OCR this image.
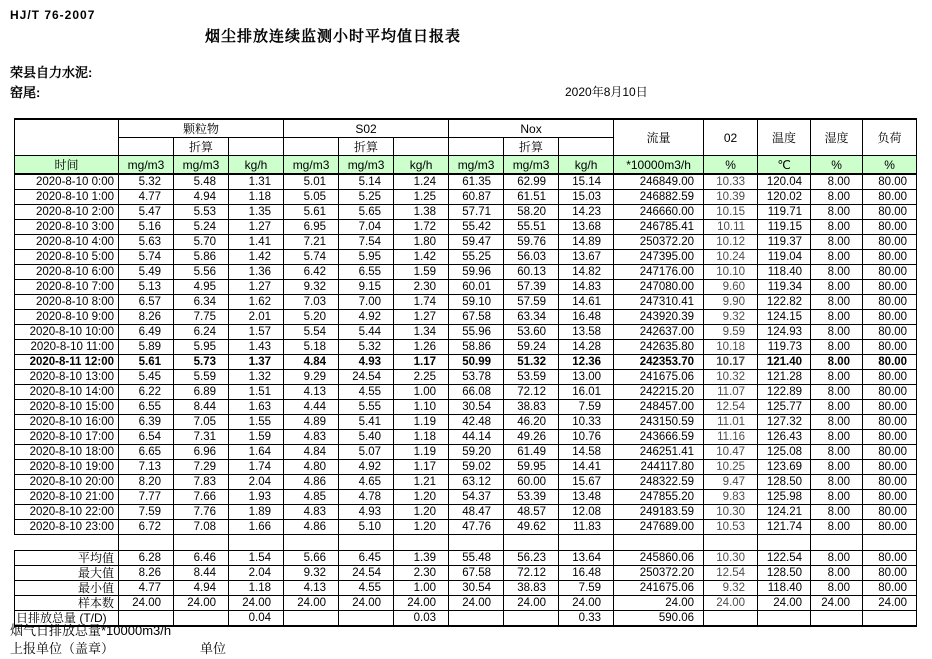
HJ/T 76-2007
烟尘排放连续监测小时平均值日报表
荣县自力水泥:
窑尾:	2020年8月10日
	颗粒物			S02			Nox			流量	02	温度	湿度	负荷
		折算			折算			折算						
时间	mg/m3	mg/m3	kg/h	mg/m3	mg/m3	kg/h	mg/m3	mg/m3	kg/h	*10000m3/h	%	℃	%	%
2020-8-10 0:00	5.32	5.48	1.31	5.01	5.14	1.24	61.35	62.99	15.14	246849.00	10.33	120.04	8.00	80.00
2020-8-10 1:00	4.77	4.94	1.18	5.05	5.25	1.25	60.87	61.51	15.03	246882.59	10.39	120.02	8.00	80.00
2020-8-10 2:00	5.47	5.53	1.35	5.61	5.65	1.38	57.71	58.20	14.23	246660.00	10.15	119.71	8.00	80.00
2020-8-10 3:00	5.16	5.24	1.27	6.95	7.04	1.72	55.42	55.51	13.68	246785.41	10.11	119.15	8.00	80.00
2020-8-10 4:00	5.63	5.70	1.41	7.21	7.54	1.80	59.47	59.76	14.89	250372.20	10.12	119.37	8.00	80.00
2020-8-10 5:00	5.74	5.86	1.42	5.74	5.95	1.42	55.25	56.03	13.67	247395.00	10.24	119.04	8.00	80.00
2020-8-10 6:00	5.49	5.56	1.36	6.42	6.55	1.59	59.96	60.13	14.82	247176.00	10.10	118.40	8.00	80.00
2020-8-10 7:00	5.13	4.95	1.27	9.32	9.15	2.30	60.01	57.39	14.83	247080.00	9.60	119.34	8.00	80.00
2020-8-10 8:00	6.57	6.34	1.62	7.03	7.00	1.74	59.10	57.59	14.61	247310.41	9.90	122.82	8.00	80.00
2020-8-10 9:00	8.26	7.75	2.01	5.20	4.92	1.27	67.58	63.34	16.48	243920.39	9.32	124.15	8.00	80.00
2020-8-10 10:00	6.49	6.24	1.57	5.54	5.44	1.34	55.96	53.60	13.58	242637.00	9.59	124.93	8.00	80.00
2020-8-10 11:00	5.89	5.95	1.43	5.18	5.32	1.26	58.86	59.24	14.28	242635.80	10.18	119.73	8.00	80.00
2020-8-11 12:00	5.61	5.73	1.37	4.84	4.93	1.17	50.99	51.32	12.36	242353.70	10.17	121.40	8.00	80.00
2020-8-10 13:00	5.45	5.59	1.32	9.29	24.54	2.25	53.78	53.59	13.00	241675.06	10.32	121.28	8.00	80.00
2020-8-10 14:00	6.22	6.89	1.51	4.13	4.55	1.00	66.08	72.12	16.01	242215.20	11.07	122.89	8.00	80.00
2020-8-10 15:00	6.55	8.44	1.63	4.44	5.55	1.10	30.54	38.83	7.59	248457.00	12.54	125.77	8.00	80.00
2020-8-10 16:00	6.39	7.05	1.55	4.89	5.41	1.19	42.48	46.20	10.33	243150.59	11.01	127.32	8.00	80.00
2020-8-10 17:00	6.54	7.31	1.59	4.83	5.40	1.18	44.14	49.26	10.76	243666.59	11.16	126.43	8.00	80.00
2020-8-10 18:00	6.65	6.96	1.64	4.84	5.07	1.19	59.20	61.49	14.58	246251.41	10.47	125.08	8.00	80.00
2020-8-10 19:00	7.13	7.29	1.74	4.80	4.92	1.17	59.02	59.95	14.41	244117.80	10.25	123.69	8.00	80.00
2020-8-10 20:00	8.20	7.83	2.04	4.86	4.65	1.21	63.12	60.00	15.67	248322.59	9.47	128.50	8.00	80.00
2020-8-10 21:00	7.77	7.66	1.93	4.85	4.78	1.20	54.37	53.39	13.48	247855.20	9.83	125.98	8.00	80.00
2020-8-10 22:00	7.59	7.76	1.89	4.83	4.93	1.20	48.47	48.57	12.08	249183.59	10.30	124.21	8.00	80.00
2020-8-10 23:00	6.72	7.08	1.66	4.86	5.10	1.20	47.76	49.62	11.83	247689.00	10.53	121.74	8.00	80.00

平均值	6.28	6.46	1.54	5.66	6.45	1.39	55.48	56.23	13.64	245860.06	10.30	122.54	8.00	80.00
最大值	8.26	8.44	2.04	9.32	24.54	2.30	67.58	72.12	16.48	250372.20	12.54	128.50	8.00	80.00
最小值	4.77	4.94	1.18	4.13	4.55	1.00	30.54	38.83	7.59	241675.06	9.32	118.40	8.00	80.00
样本数	24.00	24.00	24.00	24.00	24.00	24.00	24.00	24.00	24.00	24.00	24.00	24.00	24.00	24.00
日排放总量 (T/D)			0.04			0.03			0.33	590.06				
烟气日排放总量*10000m3/h
上报单位（盖章）	单位
